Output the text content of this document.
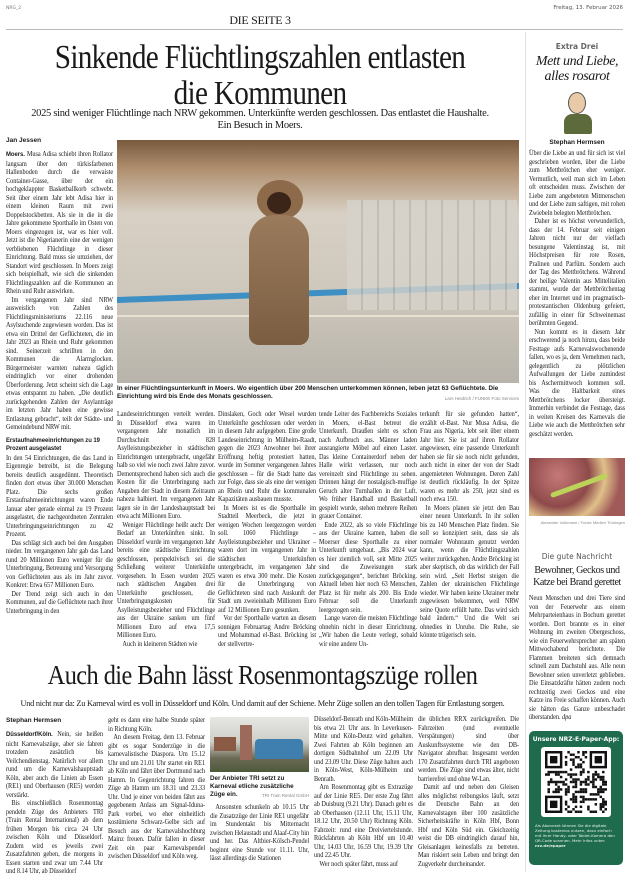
NRG_2	Freitag, 13. Februar 2026
DIE SEITE 3
Sinkende Flüchtlingszahlen entlasten
die Kommunen
2025 sind weniger Flüchtlinge nach NRW gekommen. Unterkünfte werden geschlossen. Das entlastet die Haushalte.
Ein Besuch in Moers.
Jan Jessen

Moers. Musa Adisa schiebt ihren Rollator langsam über den türkisfarbenen Hallenboden durch die verwaiste Container-Gasse, über der ein hochgeklappter Basketballkorb schwebt. Seit über einem Jahr lebt Adisa hier in einem kleinen Raum mit zwei Doppelstockbetten. Als sie in die in die Jahre gekommene Sporthalle im Osten von Moers eingezogen ist, war es hier voll. Jetzt ist die Nigerianerin eine der wenigen verbliebenen Flüchtlinge in dieser Einrichtung. Bald muss sie umziehen, der Standort wird geschlossen. In Moers zeigt sich beispielhaft, wie sich die sinkenden Flüchtlingszahlen auf die Kommunen an Rhein und Ruhr auswirken.

Im vergangenen Jahr sind NRW ausweislich von Zahlen des Flüchtlingsministeriums 22.116 neue Asylsuchende zugewiesen worden. Das ist etwa ein Drittel der Geflüchteten, die im Jahr 2023 an Rhein und Ruhr gekommen sind. Seinerzeit schrillten in den Kommunen die Alarmglocken. Bürgermeister warnten nahezu täglich eindringlich vor einer drohenden Überforderung. Jetzt scheint sich die Lage etwas entspannt zu haben. „Die deutlich zurückgehenden Zahlen der Asylanträge im letzten Jahr haben eine gewisse Entlastung gebracht“, teilt der Städte- und Gemeindebund NRW mit.

Erstaufnahmeeinrichtungen zu 19 Prozent ausgelastet

In den 54 Einrichtungen, die das Land in Eigenregie betreibt, ist die Belegung bereits deutlich ausgedünnt. Theoretisch finden dort etwas über 30.000 Menschen Platz. Die sechs großen Erstaufnahmeeinrichtungen waren Ende Januar aber gerade einmal zu 19 Prozent ausgelastet, die nachgeordneten Zentralen Unterbringungseinrichtungen zu 42 Prozent.

Das schlägt sich auch bei den Ausgaben nieder. Im vergangenen Jahr gab das Land rund 20 Millionen Euro weniger für die Unterbringung, Betreuung und Versorgung von Geflüchteten aus als im Jahr zuvor. Konkret: Etwa 657 Millionen Euro.

Der Trend zeigt sich auch in den Kommunen, auf die Geflüchtete nach ihrer Unterbringung in den

In einer Flüchtlingsunterkunft in Moers. Wo eigentlich über 200 Menschen unterkommen können, leben jetzt 63 Geflüchtete. Die Einrichtung wird bis Ende des Monats geschlossen.	Lars Heidrich / FUNKE Foto Services

Landeseinrichtungen verteilt werden. In Düsseldorf etwa waren im vergangenen Jahr monatlich im Durchschnitt 828 Asylleistungsbezieher in städtischen Einrichtungen untergebracht, ungefähr halb so viel wie noch zwei Jahre zuvor. Dementsprechend haben sich auch die Kosten für die Unterbringung nach Angaben der Stadt in diesem Zeitraum nahezu halbiert. Im vergangenen Jahr lagen sie in der Landeshauptstadt bei etwa acht Millionen Euro.

Weniger Flüchtlinge heißt auch: Der Bedarf an Unterkünften sinkt. In Düsseldorf wurde im vergangenen Jahr bereits eine städtische Einrichtung geschlossen, perspektivisch sei die Schließung weiterer Unterkünfte vorgesehen. In Essen wurden 2025 nach städtischen Angaben drei Unterkünfte geschlossen, die Unterbringungskosten für Asylleistungsbezieher und Flüchtlinge aus der Ukraine sanken um fünf Millionen Euro auf etwa 17,5 Millionen Euro.

Auch in kleineren Städten wie

Dinslaken, Goch oder Wesel wurden Unterkünfte geschlossen oder werden in diesem Jahr aufgegeben. Eine große Landeseinrichtung in Mülheim-Raadt, gegen die 2023 Anwohner bei ihrer Eröffnung heftig protestiert hatten, wurde im Sommer vergangenen Jahres geschlossen – für die Stadt hatte das zur Folge, dass sie als eine der wenigen an Rhein und Ruhr die kommunalen Kapazitäten ausbauen musste.

In Moers ist es die Sporthalle im Stadtteil Meerbeck, die jetzt in wenigen Wochen leergezogen werden soll. 1060 Flüchtlinge – Asylleistungsbezieher und Ukrainer – waren dort im vergangenen Jahr in städtischen Unterkünften untergebracht, im vergangenen Jahr waren es etwa 300 mehr. Die Kosten für die Unterbringung von Geflüchteten sind nach Auskunft der Stadt um zweieinhalb Millionen Euro auf 12 Millionen Euro gesunken.

Vor der Sporthalle warten an diesem sonnigen Februartag Andre Bröcking und Mohammad el-Bast. Bröcking ist der stellvertre-

tende Leiter des Fachbereichs Soziales in Moers, el-Bast betreut die Unterkunft. Draußen sieht es schon nach Aufbruch aus. Männer laden ausrangierte Möbel auf einen Laster. Das kleine Containerdorf neben der Halle wirkt verlassen, nur noch vereinzelt sind Flüchtlinge zu sehen. Drinnen hängt der nostalgisch-muffige Geruch alter Turnhallen in der Luft. Wo früher Handball und Basketball gespielt wurde, stehen mehrere Reihen grauer Container.

Ende 2022, als so viele Flüchtlinge aus der Ukraine kamen, haben die Moerser diese Sporthalle zu einer Unterkunft umgebaut. „Bis 2024 war es hier ziemlich voll, seit Mitte 2025 sind die Zuweisungen stark zurückgegangen“, berichtet Bröcking. Aktuell leben hier noch 63 Menschen, Platz ist für mehr als 200. Bis Ende Februar soll die Unterkunft leergezogen sein.

Lange waren die meisten Flüchtlinge ohnehin nicht in dieser Einrichtung. „Wir haben die Leute verlegt, sobald wir eine andere Un-

terkunft für sie gefunden hatten“, erzählt el-Bast. Nur Musa Adisa, die Frau aus Nigeria, lebt seit über einem Jahr hier. Sie ist auf ihren Rollator angewiesen, eine passende Unterkunft haben sie für sie noch nicht gefunden, auch nicht in einer der von der Stadt angemieteten Wohnungen. Deren Zahl ist deutlich rückläufig. In der Spitze waren es mehr als 250, jetzt sind es noch etwa 150.

In Moers planen sie jetzt den Bau einer neuen Unterkunft. In ihr sollen bis zu 140 Menschen Platz finden. Sie soll so konzipiert sein, dass sie als normaler Wohnraum genutzt werden kann, wenn die Flüchtlingszahlen weiter zurückgehen. Andre Bröcking ist aber skeptisch, ob das wirklich der Fall sein wird. „Seit Herbst steigen die Zahlen der ukrainischen Flüchtlinge wieder. Wir haben keine Ukrainer mehr zugewiesen bekommen, weil NRW seine Quote erfüllt hatte. Das wird sich bald ändern.“ Und die Welt sei ohnedies in Unruhe. Die Ruhe, sie könnte trügerisch sein.

Extra Drei
Mett und Liebe,
alles rosarot
Stephan Hermsen

Über die Liebe an und für sich ist viel geschrieben worden, über die Liebe zum Mettbrötchen eher weniger. Vermutlich, weil man sich im Leben oft entscheiden muss. Zwischen der Liebe zum angebeteten Mitmenschen und der Liebe zum saftigen, mit rohen Zwiebeln belegten Mettbrötchen.

Daher ist es höchst verwunderlich, dass der 14. Februar seit einigen Jahren nicht nur der vielfach besungene Valentinstag ist, mit Höchstpreisen für rote Rosen, Pralinen und Parfüm. Sondern auch der Tag des Mettbrötchens. Während der heilige Valentin aus Mittelitalien stammt, wurde der Mettbrötchentag eher im Internet und im pragmatisch-protestantischen Oldenburg gefeiert, zufällig in einer für Schweinemast berühmten Gegend.

Nun kommt es in diesem Jahr erschwerend ja noch hinzu, dass beide Festtage aufs Karnevalswochenende fallen, wo es ja, dem Vernehmen nach, gelegentlich zu plötzlichen Aufwallungen der Liebe zumindest bis Aschermittwoch kommen soll. Was die Haltbarkeit eines Mettbrötchens locker übersteigt. Immerhin verbindet die Festtage, dass in weiten Kreisen des Karnevals die Liebe wie auch die Mettbrötchen sehr geschätzt werden.

Alexander Volkmann / Funke Medien Thüringen
Die gute Nachricht
Bewohner, Geckos und
Katze bei Brand gerettet

Neun Menschen und drei Tiere sind von der Feuerwehr aus einem Mehrparteienhaus in Bochum gerettet worden. Dort brannte es in einer Wohnung im zweiten Obergeschoss, wie ein Feuerwehrsprecher am späten Mittwochabend berichtete. Die Flammen breiteten sich demnach schnell zum Dachstuhl aus. Alle neun Bewohner seien unverletzt geblieben. Die Einsatzkräfte hätten zudem noch rechtzeitig zwei Geckos und eine Katze ins Freie schaffen können. Auch sie hätten das Ganze unbeschadet überstanden. dpa

Unsere NRZ-E-Paper-App:
Als Abonnent können Sie die digitale Zeitung kostenlos nutzen, dazu einfach mit Ihrer Handy- oder Tablet-Kamera den QR-Code scannen. Mehr Infos unter: nrz.de/epaper
Auch die Bahn lässt Rosenmontagszüge rollen
Und nicht nur da: Zu Karneval wird es voll in Düsseldorf und Köln. Und damit auf der Schiene. Mehr Züge sollen an den tollen Tagen für Entlastung sorgen.
Stephan Hermsen

Düsseldorf/Köln. Nein, sie heißen nicht Karnevalszüge, aber sie fahren trotzdem zusätzlich bis Veilchendienstag. Natürlich vor allem rund um die Karnevalshauptstadt Köln, aber auch die Linien ab Essen (RE1) und Oberhausen (RE5) werden verstärkt.

Bis einschließlich Rosenmontag pendeln Züge des Anbieters TRI (Train Rental International) ab dem frühen Morgen bis circa 24 Uhr zwischen Köln und Düsseldorf. Zudem wird es jeweils zwei Zusatzfahrten geben, die morgens in Essen starten und zwar um 7.44 Uhr und 8.14 Uhr, ab Düsseldorf

geht es dann eine halbe Stunde später in Richtung Köln.

An diesem Freitag, dem 13. Februar gibt es sogar Sonderzüge in die karnevalistische Diaspora. Um 15.12 Uhr und um 21.01 Uhr startet ein RE1 ab Köln und fährt über Dortmund nach Hamm. In Gegenrichtung fahren die Züge ab Hamm um 18.31 und 23.33 Uhr. Und je einer von beiden fährt aus gegebenem Anlass am Signal-Iduna-Park vorbei, wo eher einheitlich kostümierte Schwarz-Gelbe sich auf Besuch aus der Karnevalshochburg Mainz freuen. Dafür fallen in dieser Zeit ein paar Karnevalspendel zwischen Düsseldorf und Köln weg.

Der Anbieter TRI setzt zu Karneval etliche zusätzliche Züge ein.	TRI Train Rental GmbH

Ansonsten schunkeln ab 10.15 Uhr die Zusatzzüge der Linie RE1 ungefähr im Stundentakt bis Mitternacht zwischen Helaustadt und Alaaf-City hin und her. Das Altbier-Kölsch-Pendel beginnt eine Stunde vor 11.11. Uhr, lässt allerdings die Stationen

Düsseldorf-Benrath und Köln-Mülheim bis etwa 21 Uhr aus. In Leverkusen-Mitte und Köln-Deutz wird gehalten. Zwei Fahrten ab Köln beginnen am dortigen Südbahnhof um 22.09 Uhr und 23.09 Uhr. Diese Züge halten auch in Köln-West, Köln-Mülheim und Benrath.

Am Rosenmontag gibt es Extrazüge auf der Linie RE5. Der erste Zug fährt ab Duisburg (9.21 Uhr). Danach geht es ab Oberhausen (12.11 Uhr, 15.11 Uhr, 18.12 Uhr, 20.50 Uhr) Richtung Köln. Fahrzeit: rund eine Dreiviertelstunde. Rückfahrten ab Köln Hbf um 10.40 Uhr, 14.03 Uhr, 16.59 Uhr, 19.39 Uhr und 22.45 Uhr.

Wer noch später fährt, muss auf

die üblichen RRX zurückgreifen. Die Fahrzeiten (und eventuelle Verspätungen) sind über Auskunftssysteme wie den DB-Navigator abrufbar. Insgesamt werden 170 Zusatzfahrten durch TRI angeboten werden. Die Züge sind etwas älter, nicht barrierefrei und ohne W-Lan.

Damit auf und neben den Gleisen alles möglichst reibungslos läuft, setzt die Deutsche Bahn an den Karnevalstagen über 100 zusätzliche Sicherheitskräfte in Köln Hbf, Bonn Hbf und Köln Süd ein. Gleichzeitig weist die DB eindringlich darauf hin, Gleisanlagen keinesfalls zu betreten. Man riskiert sein Leben und bringt den Zugverkehr durcheinander.
